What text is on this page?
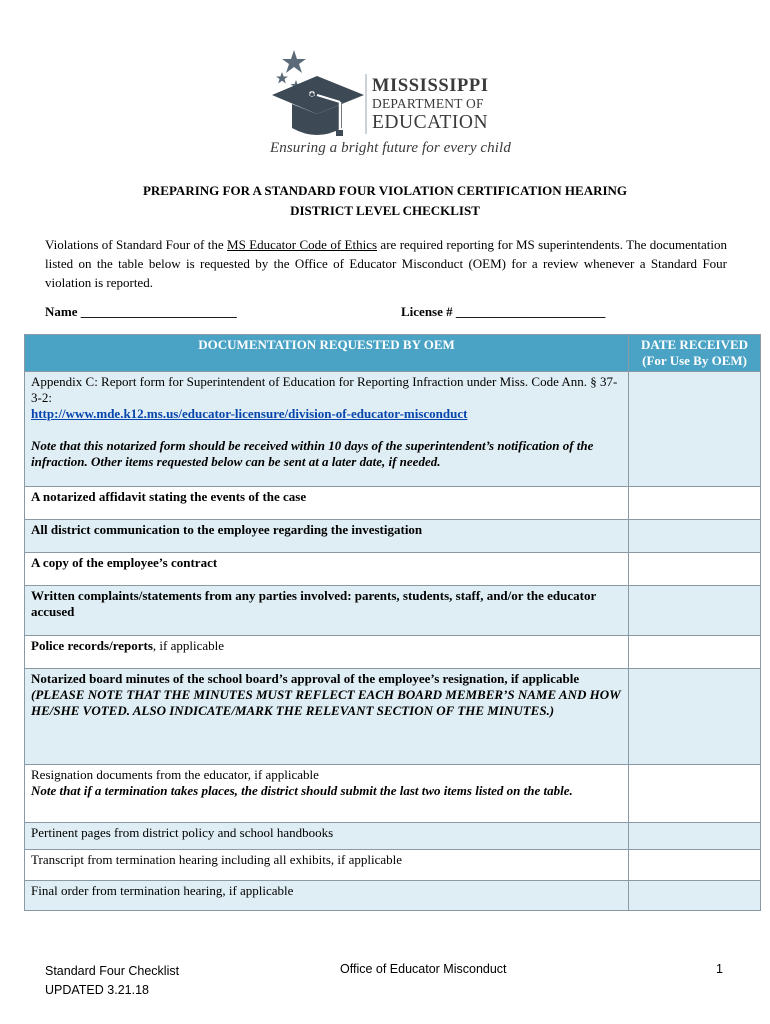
MISSISSIPPI
DEPARTMENT OF
EDUCATION
Ensuring a bright future for every child
PREPARING FOR A STANDARD FOUR VIOLATION CERTIFICATION HEARING
DISTRICT LEVEL CHECKLIST
Violations of Standard Four of the MS Educator Code of Ethics are required reporting for MS superintendents. The documentation listed on the table below is requested by the Office of Educator Misconduct (OEM) for a review whenever a Standard Four violation is reported.
Name ________________________	License # _______________________
DOCUMENTATION REQUESTED BY OEM	DATE RECEIVED
(For Use By OEM)

Appendix C: Report form for Superintendent of Education for Reporting Infraction under Miss. Code Ann. § 37-3-2:
http://www.mde.k12.ms.us/educator-licensure/division-of-educator-misconduct
Note that this notarized form should be received within 10 days of the superintendent’s notification of the infraction. Other items requested below can be sent at a later date, if needed.	

A notarized affidavit stating the events of the case	
All district communication to the employee regarding the investigation	
A copy of the employee’s contract	
Written complaints/statements from any parties involved: parents, students, staff, and/or the educator accused	
Police records/reports, if applicable	

Notarized board minutes of the school board’s approval of the employee’s resignation, if applicable
(PLEASE NOTE THAT THE MINUTES MUST REFLECT EACH BOARD MEMBER’S NAME AND HOW HE/SHE VOTED. ALSO INDICATE/MARK THE RELEVANT SECTION OF THE MINUTES.)	

Resignation documents from the educator, if applicable
Note that if a termination takes places, the district should submit the last two items listed on the table.	

Pertinent pages from district policy and school handbooks	
Transcript from termination hearing including all exhibits, if applicable	
Final order from termination hearing, if applicable	
Standard Four Checklist
UPDATED 3.21.18
Office of Educator Misconduct	1
